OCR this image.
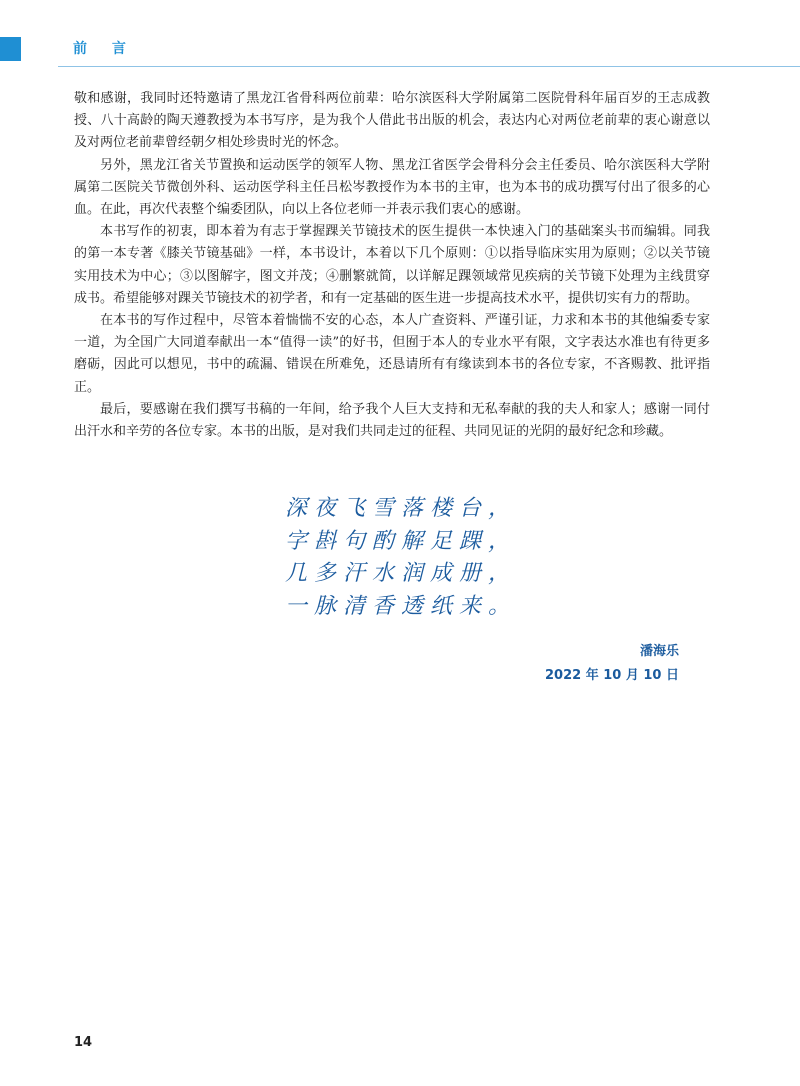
前 言

敬和感谢，我同时还特邀请了黑龙江省骨科两位前辈：哈尔滨医科大学附属第二医院骨科年届百岁的王志成教授、八十高龄的陶天遵教授为本书写序，是为我个人借此书出版的机会，表达内心对两位老前辈的衷心谢意以及对两位老前辈曾经朝夕相处珍贵时光的怀念。

另外，黑龙江省关节置换和运动医学的领军人物、黑龙江省医学会骨科分会主任委员、哈尔滨医科大学附属第二医院关节微创外科、运动医学科主任吕松岑教授作为本书的主审，也为本书的成功撰写付出了很多的心血。在此，再次代表整个编委团队，向以上各位老师一并表示我们衷心的感谢。

本书写作的初衷，即本着为有志于掌握踝关节镜技术的医生提供一本快速入门的基础案头书而编辑。同我的第一本专著《膝关节镜基础》一样，本书设计，本着以下几个原则：①以指导临床实用为原则；②以关节镜实用技术为中心；③以图解字，图文并茂；④删繁就简，以详解足踝领域常见疾病的关节镜下处理为主线贯穿成书。希望能够对踝关节镜技术的初学者，和有一定基础的医生进一步提高技术水平，提供切实有力的帮助。

在本书的写作过程中，尽管本着惴惴不安的心态，本人广查资料、严谨引证，力求和本书的其他编委专家一道，为全国广大同道奉献出一本“值得一读”的好书，但囿于本人的专业水平有限，文字表达水准也有待更多磨砺，因此可以想见，书中的疏漏、错误在所难免，还恳请所有有缘读到本书的各位专家，不吝赐教、批评指正。

最后，要感谢在我们撰写书稿的一年间，给予我个人巨大支持和无私奉献的我的夫人和家人；感谢一同付出汗水和辛劳的各位专家。本书的出版，是对我们共同走过的征程、共同见证的光阴的最好纪念和珍藏。

深夜飞雪落楼台，
字斟句酌解足踝，
几多汗水润成册，
一脉清香透纸来。
潘海乐
2022 年 10 月 10 日
14
